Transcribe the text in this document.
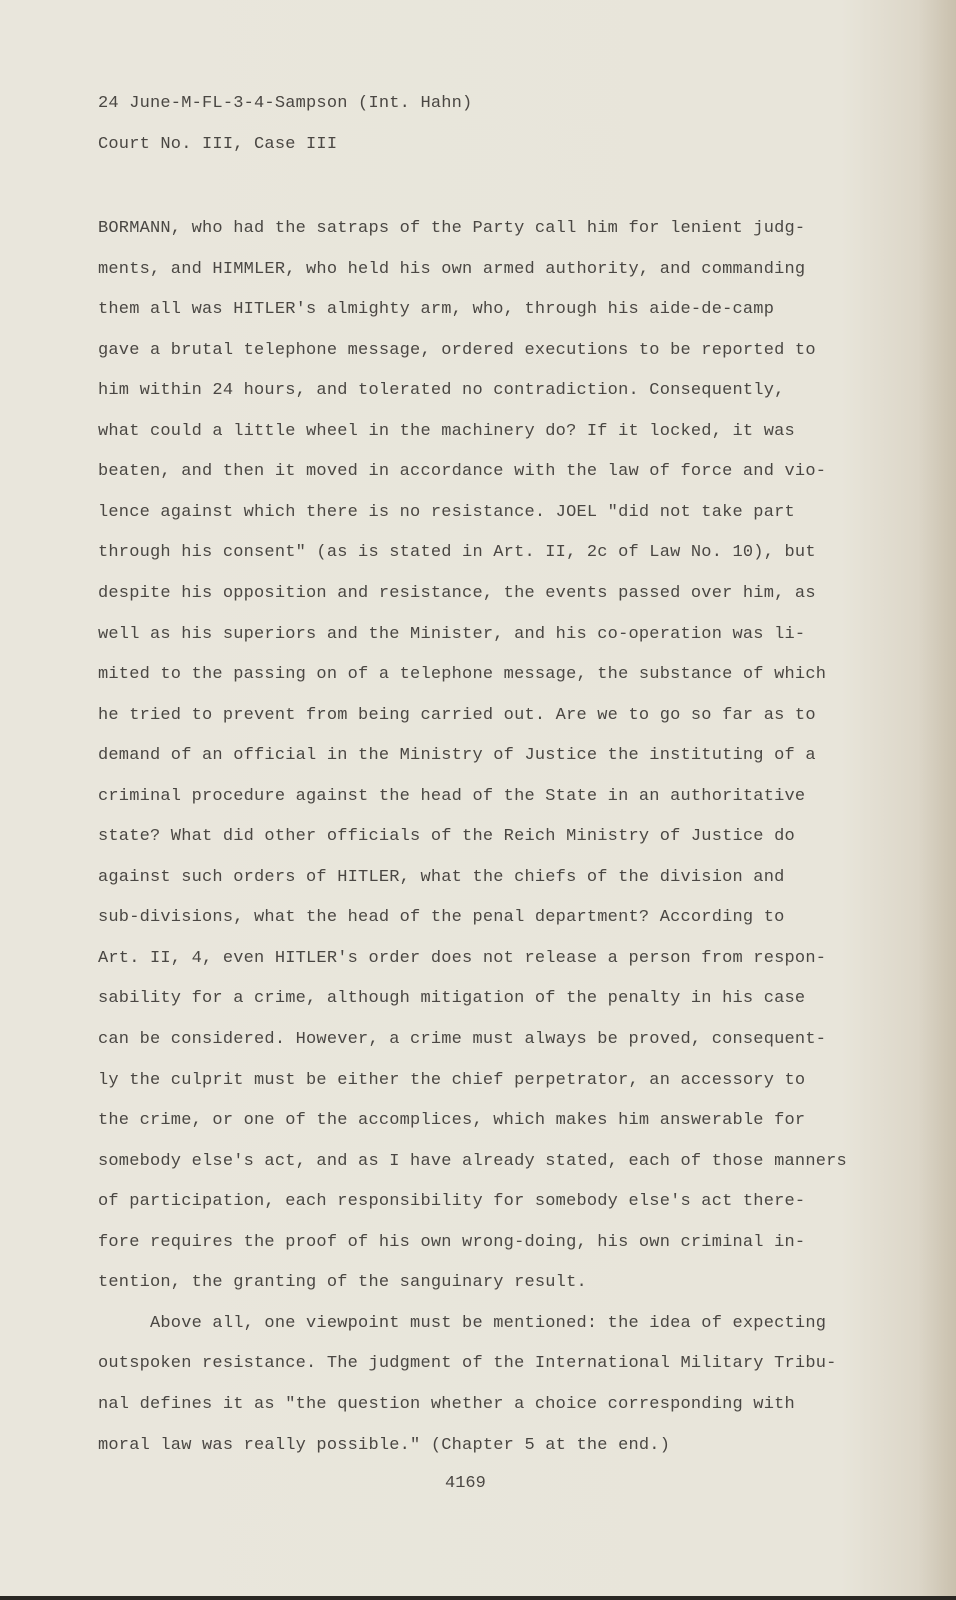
24 June-M-FL-3-4-Sampson (Int. Hahn)
Court No. III, Case III
BORMANN, who had the satraps of the Party call him for lenient judg-
ments, and HIMMLER, who held his own armed authority, and commanding
them all was HITLER's almighty arm, who, through his aide-de-camp
gave a brutal telephone message, ordered executions to be reported to
him within 24 hours, and tolerated no contradiction. Consequently,
what could a little wheel in the machinery do? If it locked, it was
beaten, and then it moved in accordance with the law of force and vio-
lence against which there is no resistance. JOEL "did not take part
through his consent" (as is stated in Art. II, 2c of Law No. 10), but
despite his opposition and resistance, the events passed over him, as
well as his superiors and the Minister, and his co-operation was li-
mited to the passing on of a telephone message, the substance of which
he tried to prevent from being carried out. Are we to go so far as to
demand of an official in the Ministry of Justice the instituting of a
criminal procedure against the head of the State in an authoritative
state? What did other officials of the Reich Ministry of Justice do
against such orders of HITLER, what the chiefs of the division and
sub-divisions, what the head of the penal department? According to
Art. II, 4, even HITLER's order does not release a person from respon-
sability for a crime, although mitigation of the penalty in his case
can be considered. However, a crime must always be proved, consequent-
ly the culprit must be either the chief perpetrator, an accessory to
the crime, or one of the accomplices, which makes him answerable for
somebody else's act, and as I have already stated, each of those manners
of participation, each responsibility for somebody else's act there-
fore requires the proof of his own wrong-doing, his own criminal in-
tention, the granting of the sanguinary result.
Above all, one viewpoint must be mentioned: the idea of expecting
outspoken resistance. The judgment of the International Military Tribu-
nal defines it as "the question whether a choice corresponding with
moral law was really possible." (Chapter 5 at the end.)
4169
